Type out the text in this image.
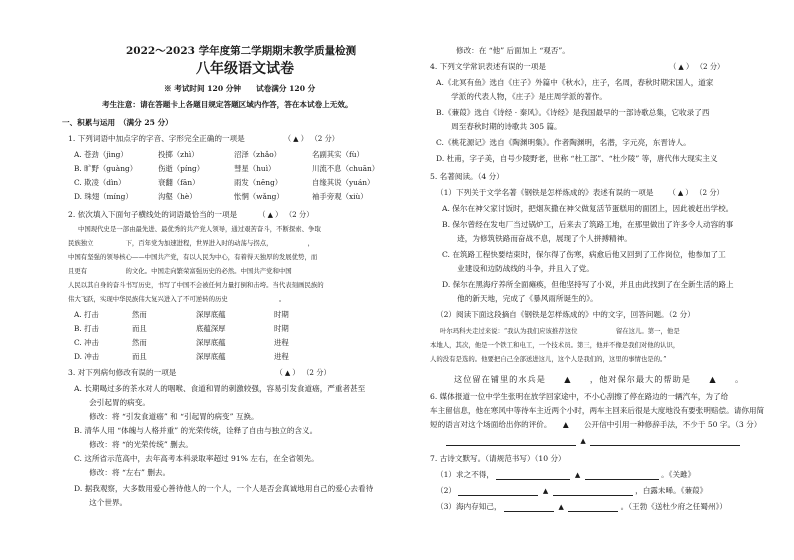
2022～2023 学年度第二学期期末教学质量检测
八年级语文试卷
※ 考试时间 120 分钟　　试卷满分 120 分
考生注意：请在答题卡上各题目规定答题区域内作答，答在本试卷上无效。
一、积累与运用　（满分 25 分）
1. 下列词语中加点字的字音、字形完全正确的一项是	（ ▲ ） （2 分）
A. 苍劲（jìng）	投掷（zhì）	沼泽（zhǎo）	名副其实（fù）
B. 旷野（guàng）	伤逝（píng）	彗星（huì）	川流不息（chuān）
C. 欺凌（dìn）	衰翻（fān）	雨发（nēng）	自缘其说（yuán）
D. 珠翅（míng）	沟壑（hè）	怅惘（wǎng）	袖手旁观（xiù）
2. 依次填入下面句子横线处的词语最恰当的一项是  （ ▲ ） （2 分）
中国现代史是一部由最先进、最优秀的共产党人领导，通过艰苦奋斗，不断探索、争取
民族独立　　　　　下，百年党为加速进程，世界进入时的动荡与拐点，　　　　　　，
中国有坚强的领导核心——中国共产党，有以人民为中心，有着得天独厚的发展优势，而
且更有　　　　　　的文化。中国走向繁荣富强历史的必然。中国共产党和中国
人民以其自身的奋斗书写历史，书写了中国不会被任何力量打倒和击垮。当代表刻画民族的
伟大飞跃，实现中华民族伟大复兴进入了不可逆转的历史　　　　　　　　。
A. 打击	然而	深厚底蕴	时期
B. 打击	而且	底蕴深厚	时期
C. 冲击	然而	深厚底蕴	进程
D. 冲击	而且	深厚底蕴	进程
3. 对下列病句修改有误的一项是	（ ▲ ） （2 分）
A. 长期喝过多的茶水对人的咽喉、食道和胃的刺激较强，容易引发食道癌，严重者甚至
　　会引起胃的病变。
　　修改：将 “引发食道癌” 和 “引起胃的病变” 互换。
B. 清华人用 “体魄与人格并重” 的光荣传统，诠释了自由与独立的含义。
　　修改：将 “的光荣传统” 删去。
C. 这所省示范高中，去年高考本科录取率超过 91% 左右，在全省领先。
　　修改：将 “左右” 删去。
D. 据我观察，大多数用爱心善待他人的一个人，一个人是否会真诚地用自己的爱心去看待
　　这个世界。
修改：在 “他” 后面加上 “观否”。
4. 下列文学常识表述有误的一项是	（ ▲ ） （2 分）
A.《北冥有鱼》选自《庄子》外篇中《秋水》，庄子，名周，春秋时期宋国人，道家
　　学派的代表人物，《庄子》是庄周学派的著作。
B.《蒹葭》选自《诗经 · 秦风》。《诗经》是我国最早的一部诗歌总集，它收录了西
　　周至春秋时期的诗歌共 305 篇。
C.《桃花源记》选自《陶渊明集》。作者陶渊明，名潜，字元亮，东晋诗人。
D. 杜甫，字子美，自号少陵野老，世称 “杜工部”、“杜少陵” 等，唐代伟大现实主义
5. 名著阅读。（4 分）
（1）下列关于文学名著《钢铁是怎样炼成的》表述有误的一项是  （ ▲ ） （2 分）
A. 保尔在神父家讨饭时，把烟灰撒在神父做复活节蛋糕用的面团上，因此被赶出学校。
B. 保尔曾经在发电厂当过锅炉工，后来去了筑路工地，在那里做出了许多令人动容的事
　　迹，为修筑铁路而奋战不息，展现了个人拼搏精神。
C. 在筑路工程快要结束时，保尔得了伤寒，病愈后他又回到了工作岗位，他参加了工
　　业建设和边防战线的斗争，并且入了党。
D. 保尔在黑海疗养所全面瘫痪，但他坚持写了小说，并且由此找到了在全新生活的路上
　　他的新天地，完成了《暴风雨所诞生的》。
（2）阅读下面这段摘自《钢铁是怎样炼成的》中的文字，回答问题。（2 分）
叶尔玛科夫走过来说：“我认为我们应该推荐这位　　　　　　留在这儿。第一，他是
本地人，其次，他是一个铁工和电工，一个技术员。第三，他并不像是我们对他的认识，
人的没有是选的。他要把自己全部送进这儿，这个人是我们的，这里的事情也是的。”
这位留在铺里的水兵是　　▲　　，他对保尔最大的帮助是　　▲　　。
6. 媒体报道一位中学生张明在放学回家途中，不小心刮擦了停在路边的一辆汽车，为了给
车主留信息，他在寒风中等待车主近两个小时，两车主回来后很是大度地没有要张明赔偿。请你用简
短的语言对这个场面给出你的评价。　　▲　　公开信中引用一种修辞手法，不少于 50 字。（3 分）
▲
7. 古诗文默写。（请规范书写）（10 分）
（1）求之不得，	▲	。《关雎》
（2）	▲	，白露未晞。《蒹葭》
（3）海内存知己，	▲	。（王勃《送杜少府之任蜀州》）
